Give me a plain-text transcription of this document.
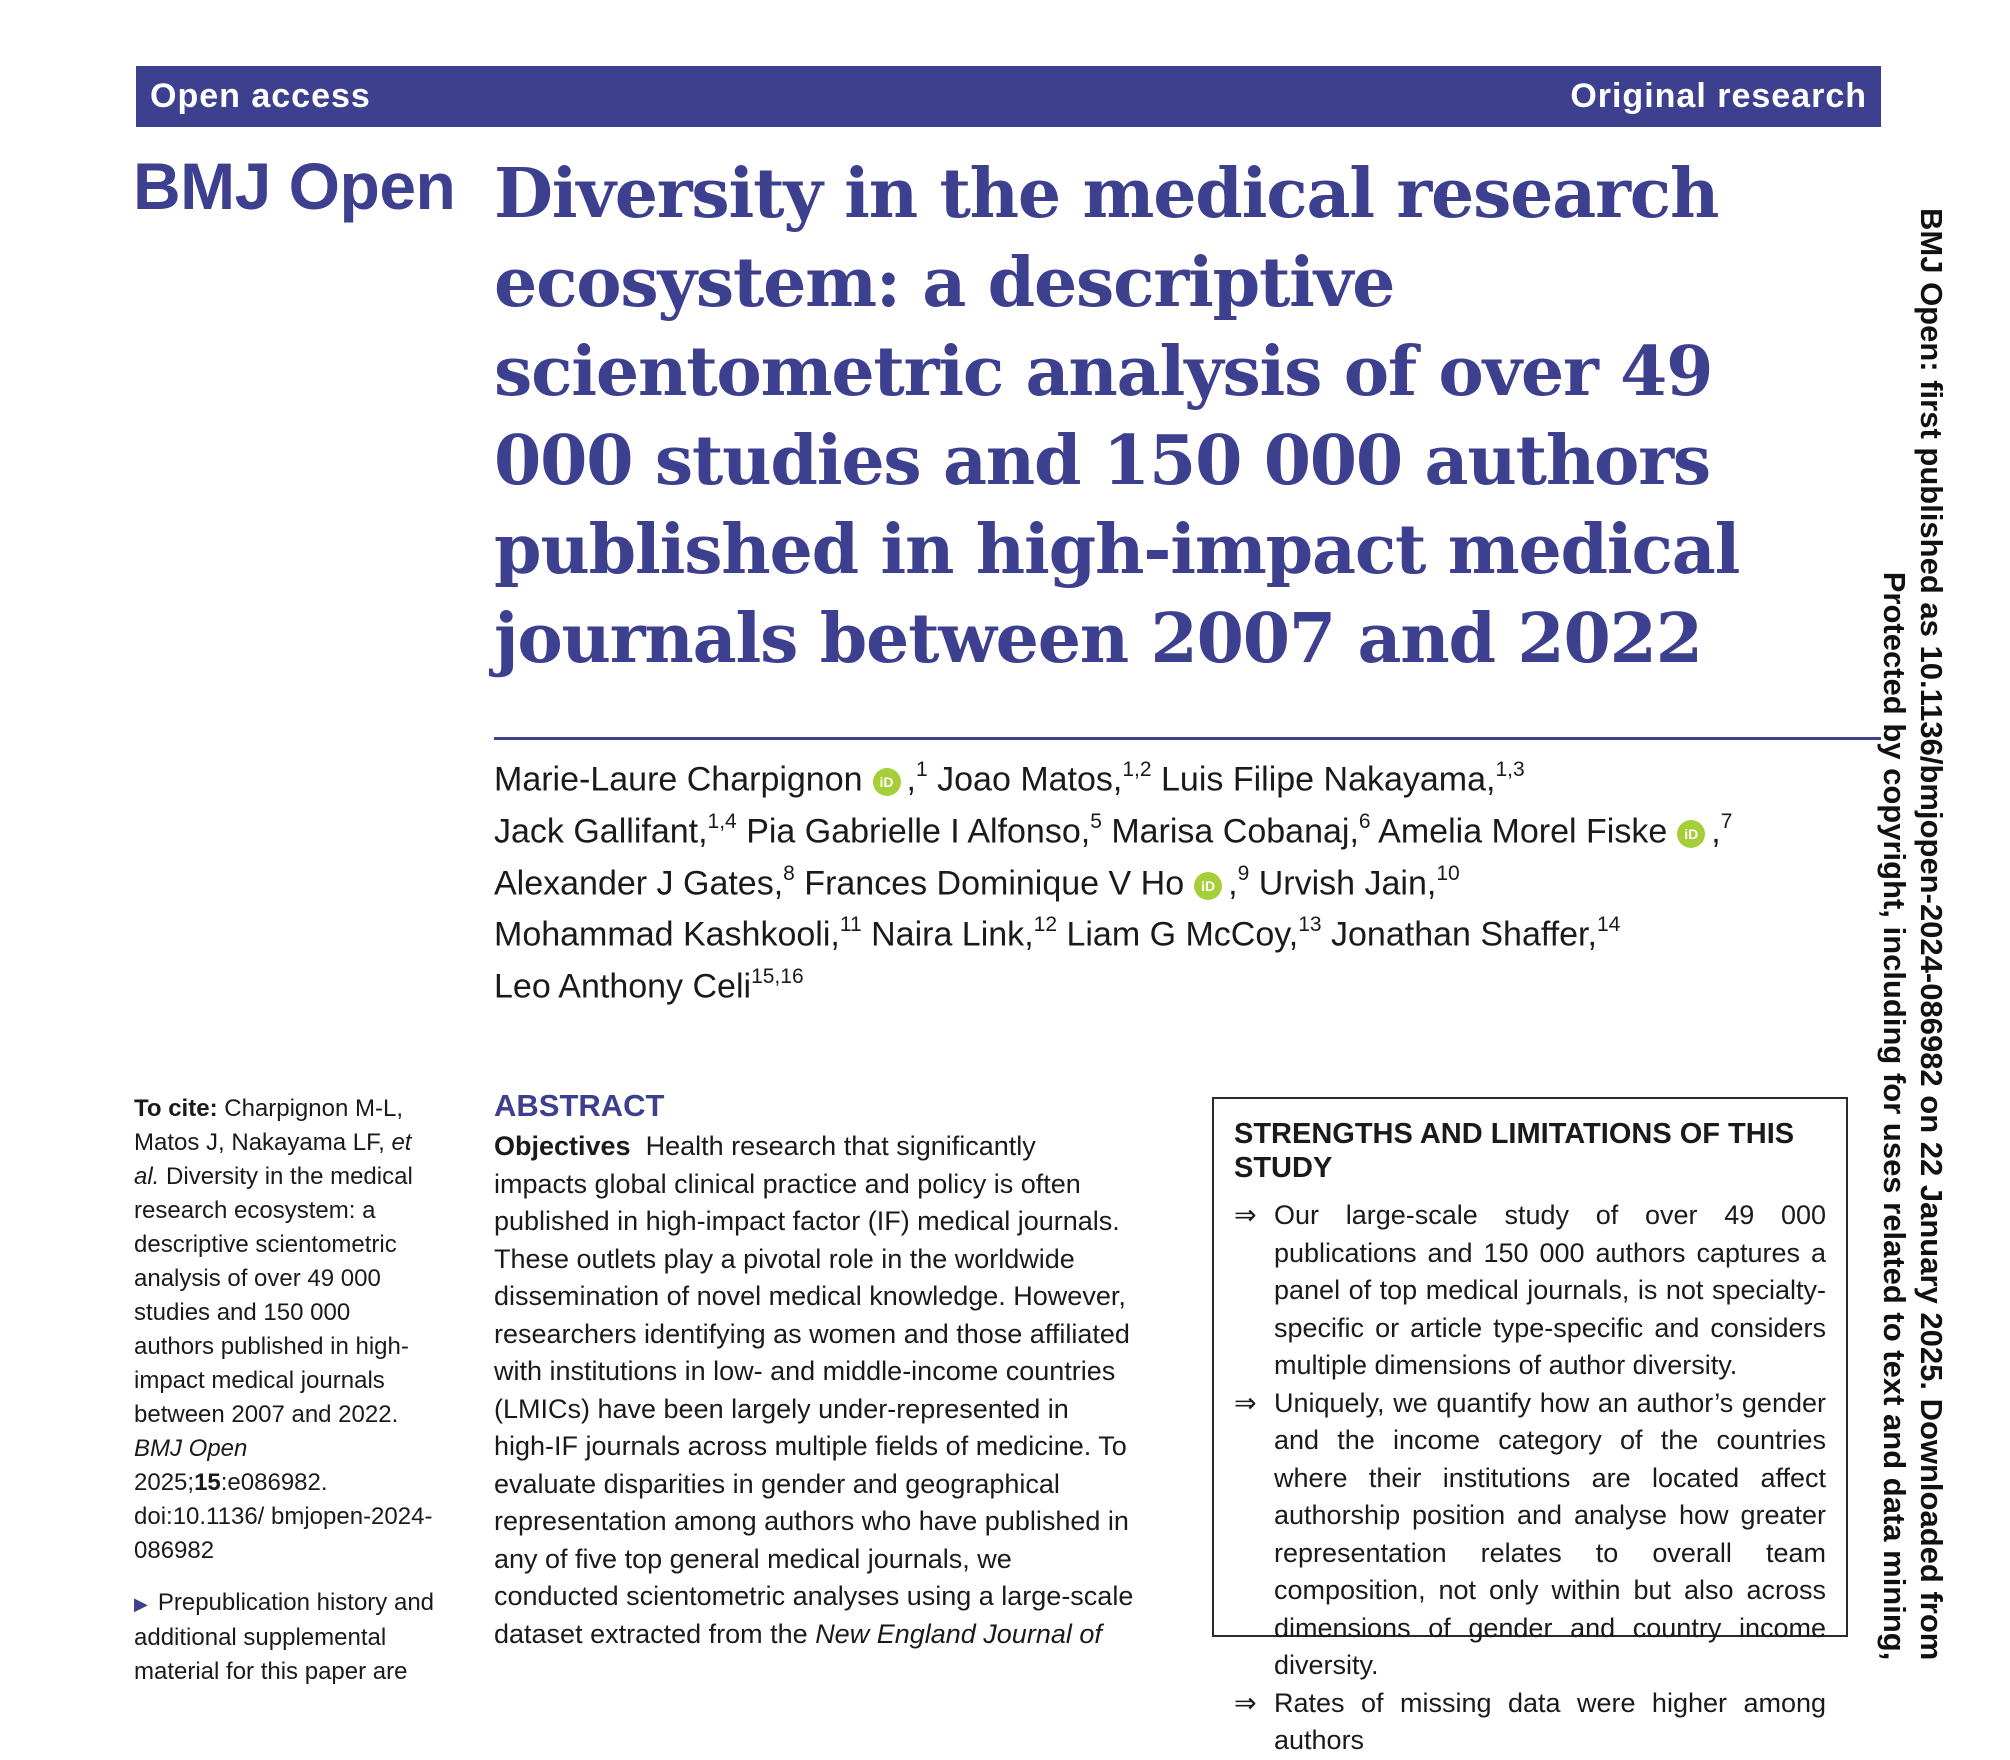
Open access	Original research
BMJ Open Diversity in the medical research ecosystem: a descriptive scientometric analysis of over 49 000 studies and 150 000 authors published in high-impact medical journals between 2007 and 2022
Marie-Laure Charpignon iD ,$^1$ Joao Matos,$^{1,2}$ Luis Filipe Nakayama,$^{1,3}$
Jack Gallifant,$^{1,4}$ Pia Gabrielle I Alfonso,$^5$ Marisa Cobanaj,$^6$ Amelia Morel Fiske iD ,$^7$
Alexander J Gates,$^8$ Frances Dominique V Ho iD ,$^9$ Urvish Jain,$^{10}$
Mohammad Kashkooli,$^{11}$ Naira Link,$^{12}$ Liam G McCoy,$^{13}$ Jonathan Shaffer,$^{14}$
Leo Anthony Celi$^{15,16}$
To cite: Charpignon M-L, Matos J, Nakayama LF, et al. Diversity in the medical research ecosystem: a descriptive scientometric analysis of over 49 000 studies and 150 000 authors published in high-impact medical journals between 2007 and 2022. BMJ Open 2025;15:e086982. doi:10.1136/ bmjopen-2024-086982
▶ Prepublication history and additional supplemental material for this paper are
ABSTRACT
Objectives Health research that significantly impacts global clinical practice and policy is often published in high-impact factor (IF) medical journals. These outlets play a pivotal role in the worldwide dissemination of novel medical knowledge. However, researchers identifying as women and those affiliated with institutions in low- and middle-income countries (LMICs) have been largely under-represented in high-IF journals across multiple fields of medicine. To evaluate disparities in gender and geographical representation among authors who have published in any of five top general medical journals, we conducted scientometric analyses using a large-scale dataset extracted from the New England Journal of
STRENGTHS AND LIMITATIONS OF THIS STUDY
⇒ Our large-scale study of over 49 000 publications and 150 000 authors captures a panel of top medical journals, is not specialty-specific or article type-specific and considers multiple dimensions of author diversity.
⇒ Uniquely, we quantify how an author’s gender and the income category of the countries where their institutions are located affect authorship position and analyse how greater representation relates to overall team composition, not only within but also across dimensions of gender and country income diversity.
⇒ Rates of missing data were higher among authors
BMJ Open: first published as 10.1136/bmjopen-2024-086982 on 22 January 2025. Downloaded from
Protected by copyright, including for uses related to text and data mining,
